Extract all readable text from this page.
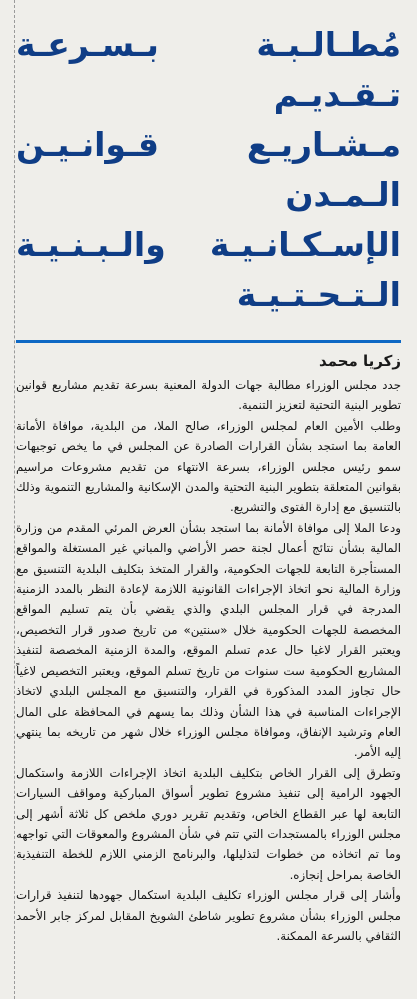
مُطـالـبـة بـسـرعـة تـقـديـم
مـشـاريـع قـوانـيـن الـمـدن
الإسـكـانـيـة والـبـنـيـة الـتـحـتـيـة
زكريا محمد

جدد مجلس الوزراء مطالبة جهات الدولة المعنية بسرعة تقديم مشاريع قوانين تطوير البنية التحتية لتعزيز التنمية.

وطلب الأمين العام لمجلس الوزراء، صالح الملا، من البلدية، موافاة الأمانة العامة بما استجد بشأن القرارات الصادرة عن المجلس في ما يخص توجيهات سمو رئيس مجلس الوزراء، بسرعة الانتهاء من تقديم مشروعات مراسيم بقوانين المتعلقة بتطوير البنية التحتية والمدن الإسكانية والمشاريع التنموية وذلك بالتنسيق مع إدارة الفتوى والتشريع.

ودعا الملا إلى موافاة الأمانة بما استجد بشأن العرض المرئي المقدم من وزارة المالية بشأن نتائج أعمال لجنة حصر الأراضي والمباني غير المستغلة والمواقع المستأجرة التابعة للجهات الحكومية، والقرار المتخذ بتكليف البلدية التنسيق مع وزارة المالية نحو اتخاذ الإجراءات القانونية اللازمة لإعادة النظر بالمدد الزمنية المدرجة في قرار المجلس البلدي والذي يقضي بأن يتم تسليم المواقع المخصصة للجهات الحكومية خلال «سنتين» من تاريخ صدور قرار التخصيص، ويعتبر القرار لاغيا حال عدم تسلم الموقع، والمدة الزمنية المخصصة لتنفيذ المشاريع الحكومية ست سنوات من تاريخ تسلم الموقع، ويعتبر التخصيص لاغياً حال تجاوز المدد المذكورة في القرار، والتنسيق مع المجلس البلدي لاتخاذ الإجراءات المناسبة في هذا الشأن وذلك بما يسهم في المحافظة على المال العام وترشيد الإنفاق، وموافاة مجلس الوزراء خلال شهر من تاريخه بما ينتهي إليه الأمر.

وتطرق إلى القرار الخاص بتكليف البلدية اتخاذ الإجراءات اللازمة واستكمال الجهود الرامية إلى تنفيذ مشروع تطوير أسواق المباركية ومواقف السيارات التابعة لها عبر القطاع الخاص، وتقديم تقرير دوري ملخص كل ثلاثة أشهر إلى مجلس الوزراء بالمستجدات التي تتم في شأن المشروع والمعوقات التي تواجهه وما تم اتخاذه من خطوات لتذليلها، والبرنامج الزمني اللازم للخطة التنفيذية الخاصة بمراحل إنجازه.

وأشار إلى قرار مجلس الوزراء تكليف البلدية استكمال جهودها لتنفيذ قرارات مجلس الوزراء بشأن مشروع تطوير شاطئ الشويخ المقابل لمركز جابر الأحمد الثقافي بالسرعة الممكنة.
